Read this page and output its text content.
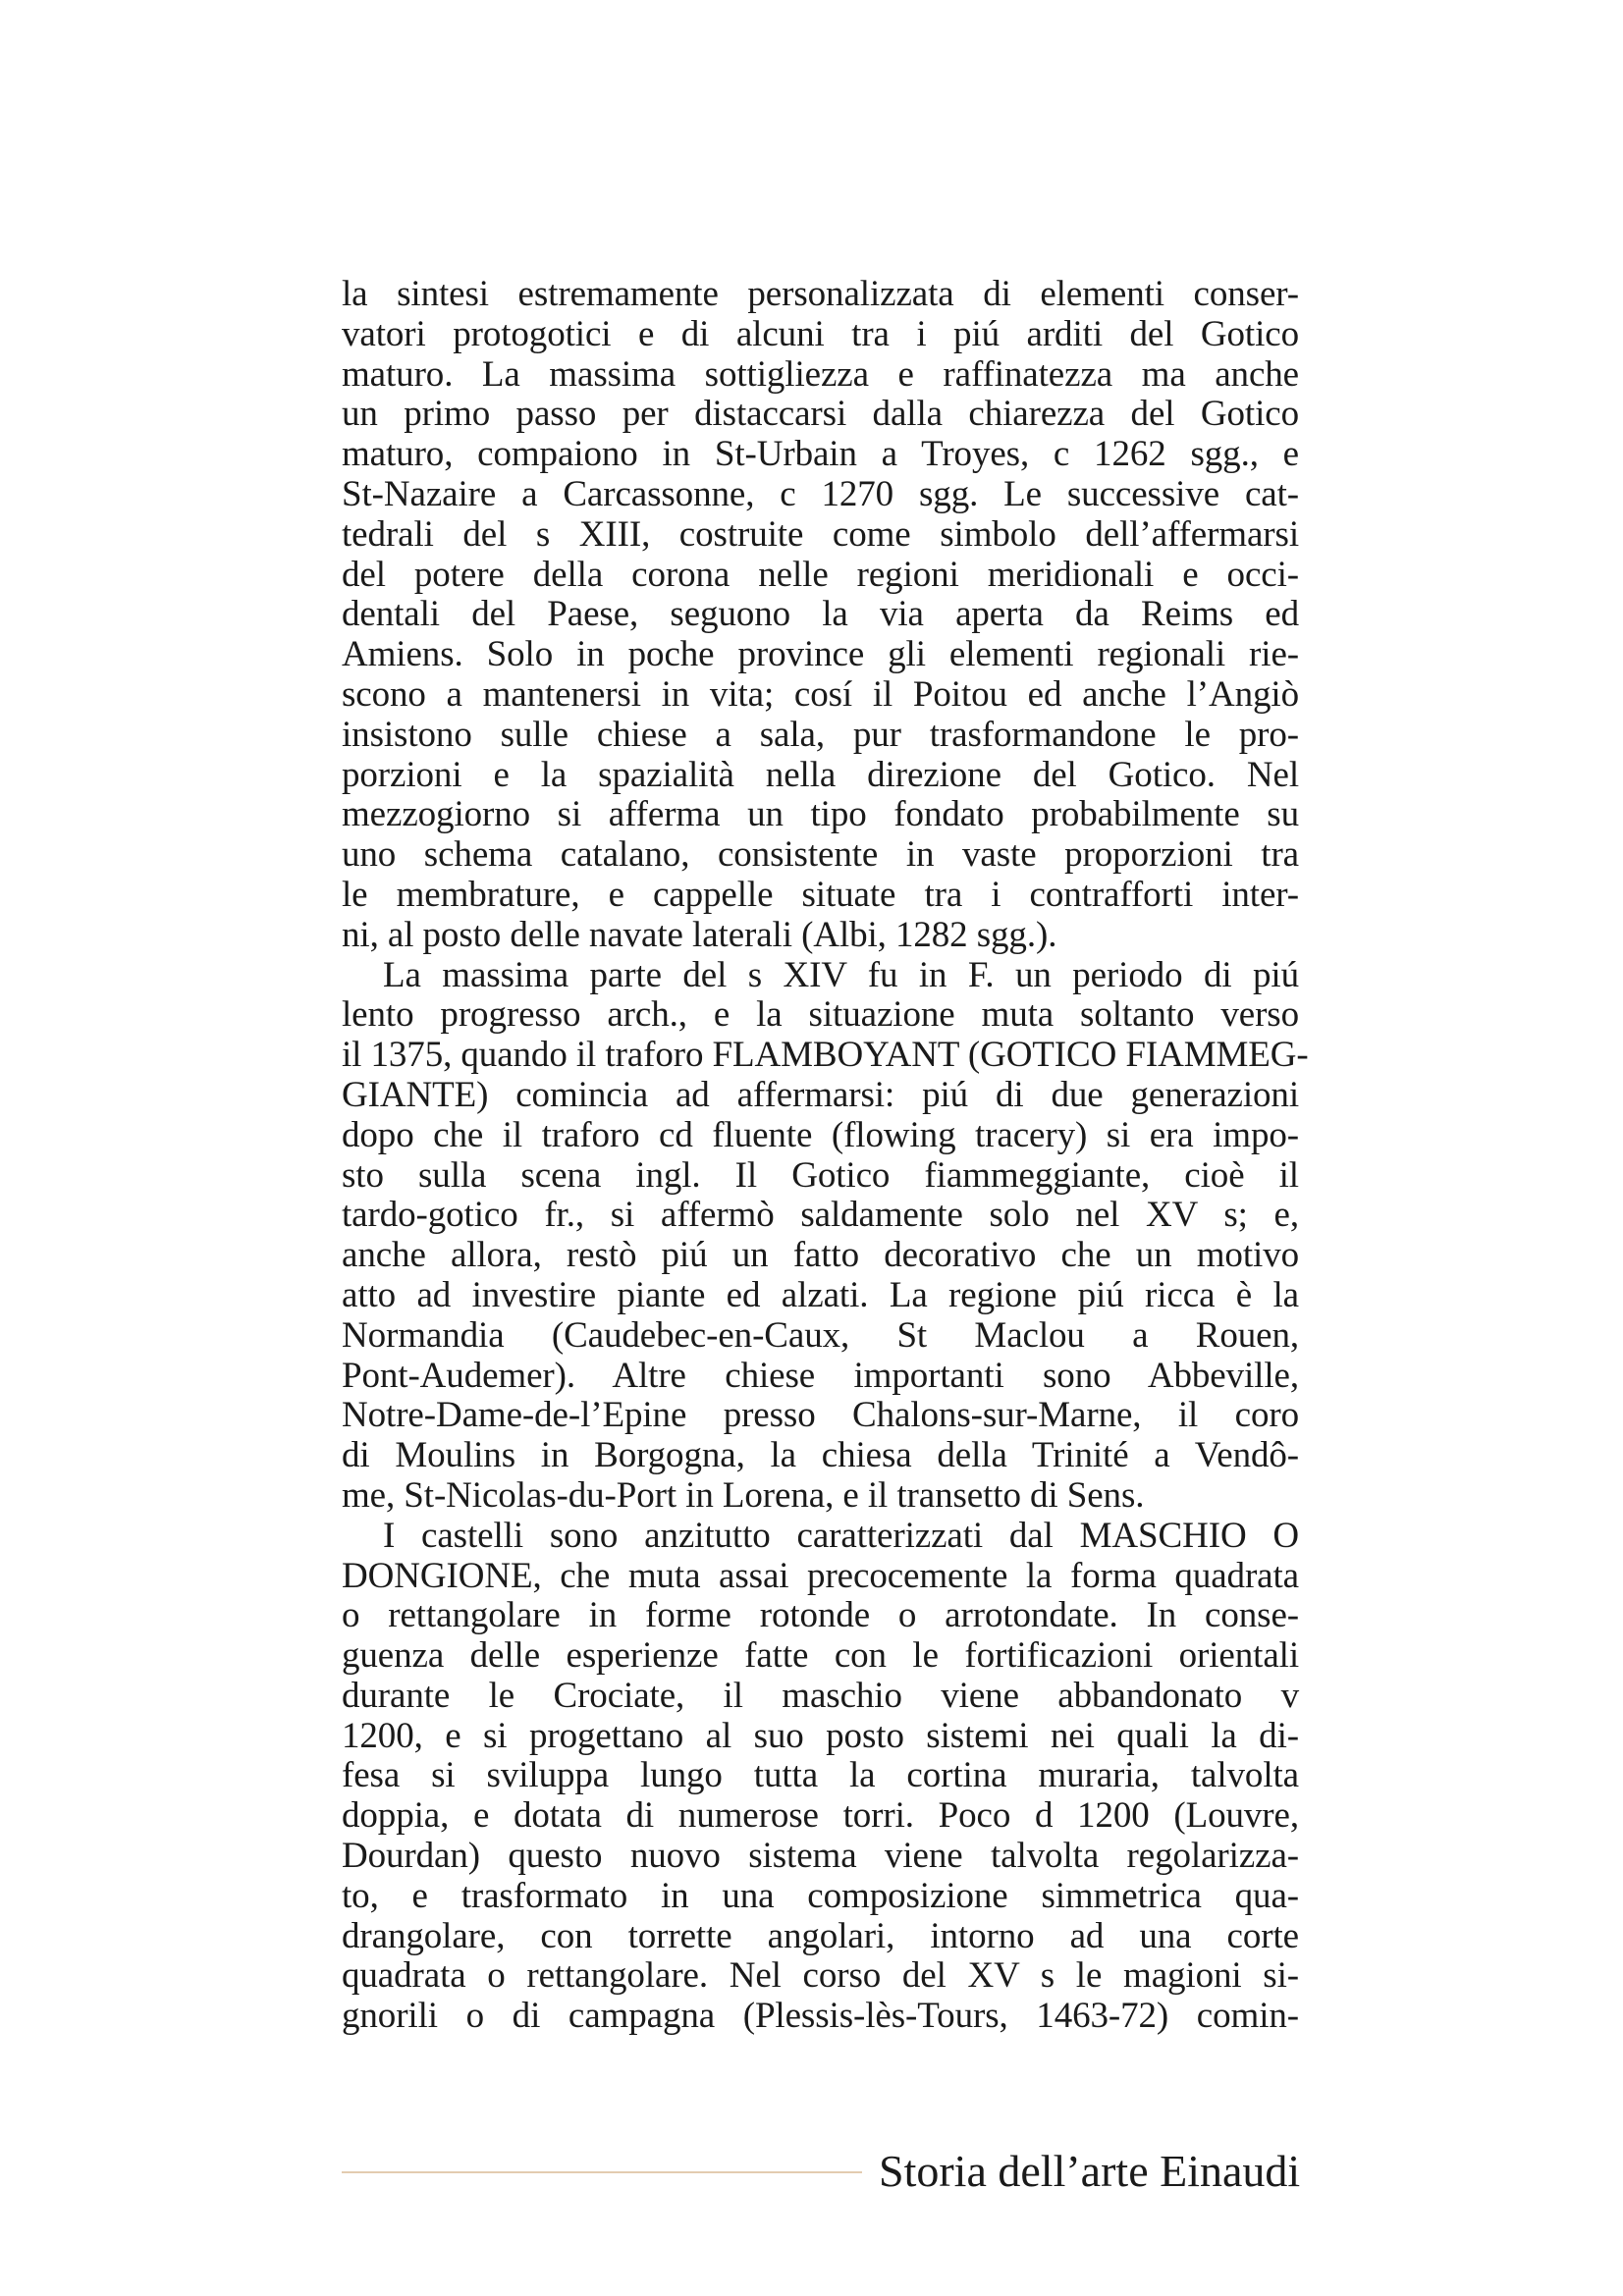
la sintesi estremamente personalizzata di elementi conser-
vatori protogotici e di alcuni tra i piú arditi del Gotico
maturo. La massima sottigliezza e raffinatezza ma anche
un primo passo per distaccarsi dalla chiarezza del Gotico
maturo, compaiono in St-Urbain a Troyes, c 1262 sgg., e
St-Nazaire a Carcassonne, c 1270 sgg. Le successive cat-
tedrali del s XIII, costruite come simbolo dell’affermarsi
del potere della corona nelle regioni meridionali e occi-
dentali del Paese, seguono la via aperta da Reims ed
Amiens. Solo in poche province gli elementi regionali rie-
scono a mantenersi in vita; cosí il Poitou ed anche l’Angiò
insistono sulle chiese a sala, pur trasformandone le pro-
porzioni e la spazialità nella direzione del Gotico. Nel
mezzogiorno si afferma un tipo fondato probabilmente su
uno schema catalano, consistente in vaste proporzioni tra
le membrature, e cappelle situate tra i contrafforti inter-
ni, al posto delle navate laterali (Albi, 1282 sgg.).
La massima parte del s XIV fu in F. un periodo di piú
lento progresso arch., e la situazione muta soltanto verso
il 1375, quando il traforo FLAMBOYANT (GOTICO FIAMMEG-
GIANTE) comincia ad affermarsi: piú di due generazioni
dopo che il traforo cd fluente (flowing tracery) si era impo-
sto sulla scena ingl. Il Gotico fiammeggiante, cioè il
tardo-gotico fr., si affermò saldamente solo nel XV s; e,
anche allora, restò piú un fatto decorativo che un motivo
atto ad investire piante ed alzati. La regione piú ricca è la
Normandia (Caudebec-en-Caux, St Maclou a Rouen,
Pont-Audemer). Altre chiese importanti sono Abbeville,
Notre-Dame-de-l’Epine presso Chalons-sur-Marne, il coro
di Moulins in Borgogna, la chiesa della Trinité a Vendô-
me, St-Nicolas-du-Port in Lorena, e il transetto di Sens.
I castelli sono anzitutto caratterizzati dal MASCHIO O
DONGIONE, che muta assai precocemente la forma quadrata
o rettangolare in forme rotonde o arrotondate. In conse-
guenza delle esperienze fatte con le fortificazioni orientali
durante le Crociate, il maschio viene abbandonato v
1200, e si progettano al suo posto sistemi nei quali la di-
fesa si sviluppa lungo tutta la cortina muraria, talvolta
doppia, e dotata di numerose torri. Poco d 1200 (Louvre,
Dourdan) questo nuovo sistema viene talvolta regolarizza-
to, e trasformato in una composizione simmetrica qua-
drangolare, con torrette angolari, intorno ad una corte
quadrata o rettangolare. Nel corso del XV s le magioni si-
gnorili o di campagna (Plessis-lès-Tours, 1463-72) comin-
Storia dell’arte Einaudi
